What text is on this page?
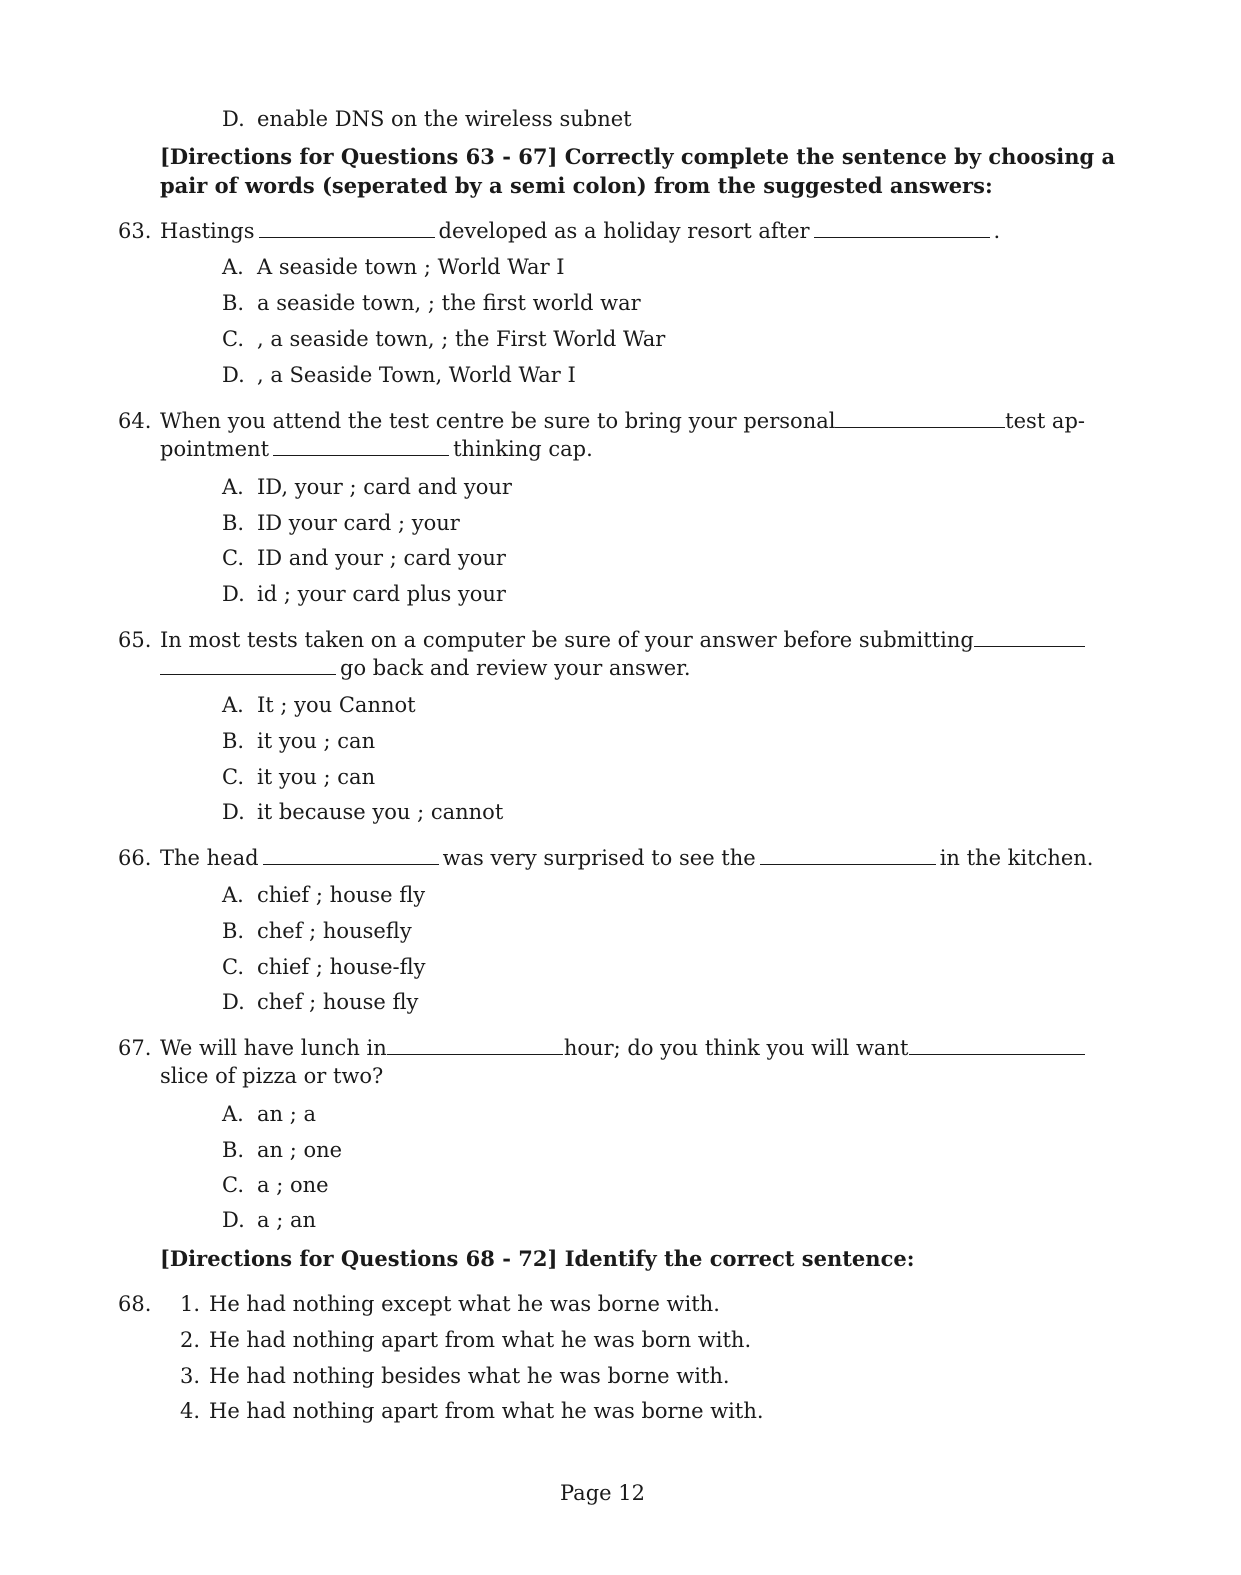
D. enable DNS on the wireless subnet
[Directions for Questions 63 - 67] Correctly complete the sentence by choosing a
pair of words (seperated by a semi colon) from the suggested answers:
63. Hastings	developed as a holiday resort after	.
A. A seaside town ; World War I
B. a seaside town, ; the first world war
C. , a seaside town, ; the First World War
D. , a Seaside Town, World War I
64. When you attend the test centre be sure to bring your personal	test ap-
pointment	thinking cap.
A. ID, your ; card and your
B. ID your card ; your
C. ID and your ; card your
D. id ; your card plus your
65. In most tests taken on a computer be sure of your answer before submitting
go back and review your answer.
A. It ; you Cannot
B. it you ; can
C. it you ; can
D. it because you ; cannot
66. The head	was very surprised to see the	in the kitchen.
A. chief ; house fly
B. chef ; housefly
C. chief ; house-fly
D. chef ; house fly
67. We will have lunch in	hour; do you think you will want
slice of pizza or two?
A. an ; a
B. an ; one
C. a ; one
D. a ; an
[Directions for Questions 68 - 72] Identify the correct sentence:
68. 1. He had nothing except what he was borne with.
2. He had nothing apart from what he was born with.
3. He had nothing besides what he was borne with.
4. He had nothing apart from what he was borne with.
Page 12
